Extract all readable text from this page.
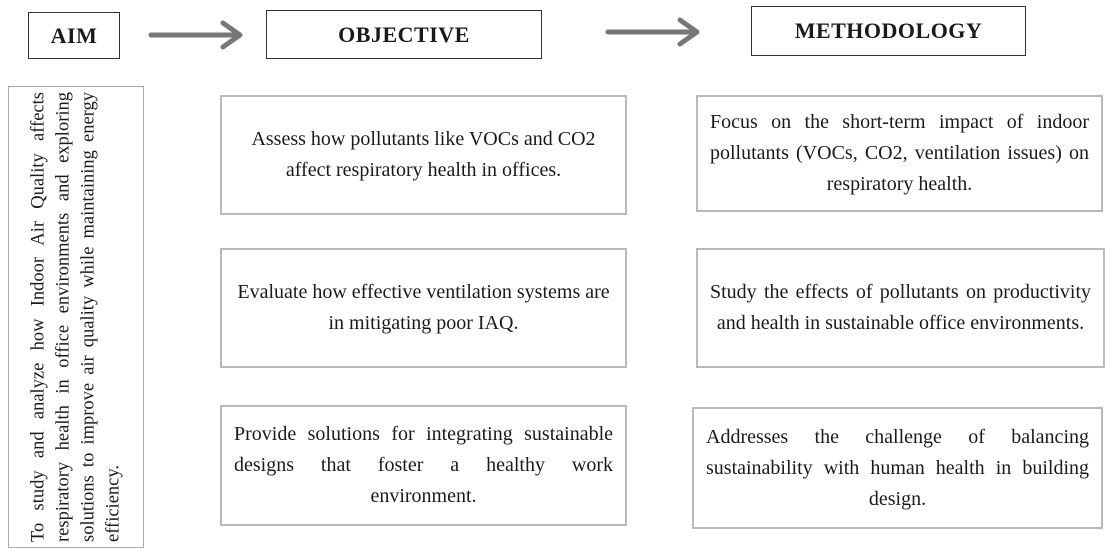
AIM	OBJECTIVE	METHODOLOGY
To study and analyze how Indoor Air Quality affects respiratory health in office environments and exploring solutions to improve air quality while maintaining energy efficiency.
Assess how pollutants like VOCs and CO2 affect respiratory health in offices.
Evaluate how effective ventilation systems are in mitigating poor IAQ.
Provide solutions for integrating sustainable designs that foster a healthy work environment.
Focus on the short-term impact of indoor pollutants (VOCs, CO2, ventilation issues) on respiratory health.
Study the effects of pollutants on productivity and health in sustainable office environments.
Addresses the challenge of balancing sustainability with human health in building design.
